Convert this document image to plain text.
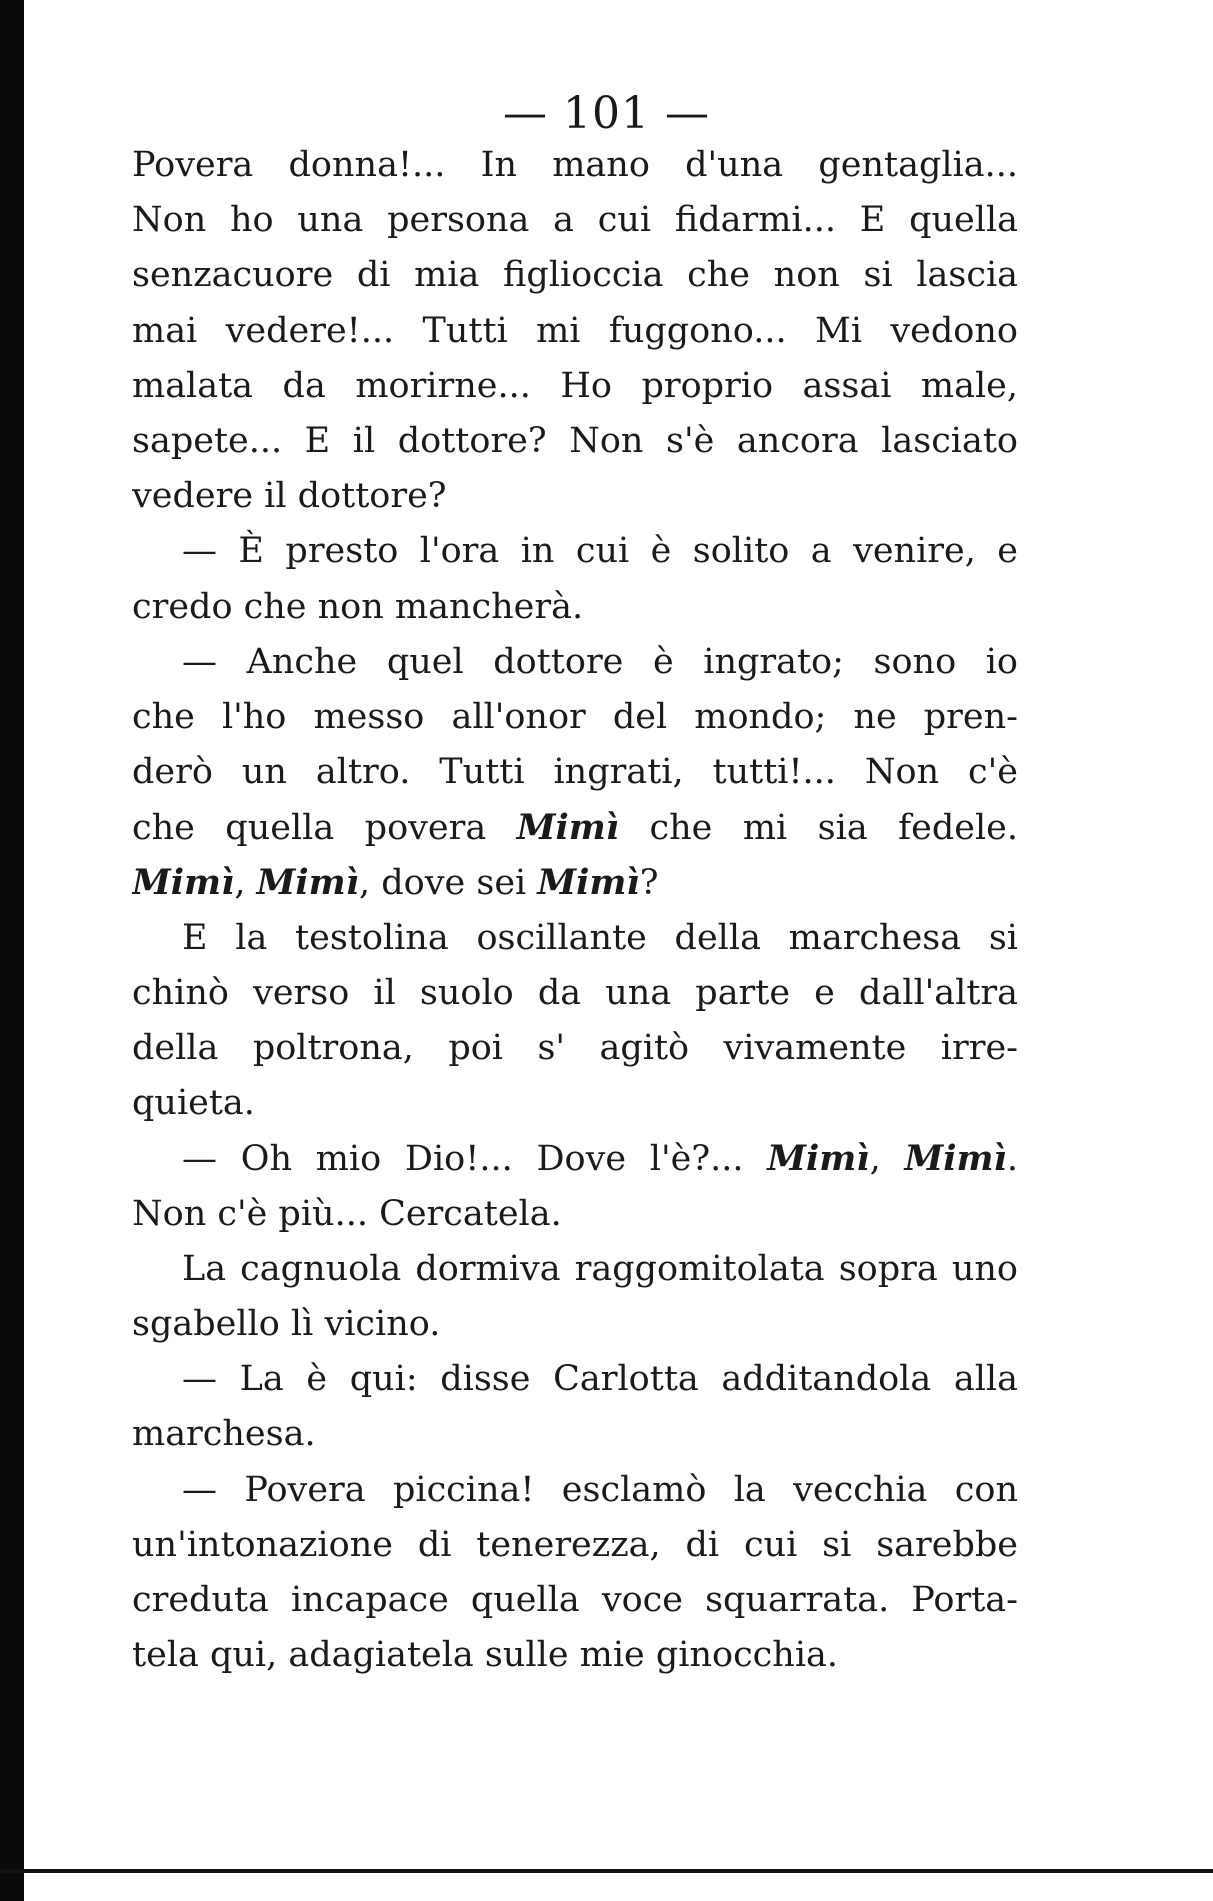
— 101 —
Povera donna!... In mano d'una gentaglia...
Non ho una persona a cui fidarmi... E quella
senzacuore di mia figlioccia che non si lascia
mai vedere!... Tutti mi fuggono... Mi vedono
malata da morirne... Ho proprio assai male,
sapete... E il dottore? Non s'è ancora lasciato
vedere il dottore?
— È presto l'ora in cui è solito a venire, e
credo che non mancherà.
— Anche quel dottore è ingrato; sono io
che l'ho messo all'onor del mondo; ne pren-
derò un altro. Tutti ingrati, tutti!... Non c'è
che quella povera Mimì che mi sia fedele.
Mimì, Mimì, dove sei Mimì?
E la testolina oscillante della marchesa si
chinò verso il suolo da una parte e dall'altra
della poltrona, poi s' agitò vivamente irre-
quieta.
— Oh mio Dio!... Dove l'è?... Mimì, Mimì.
Non c'è più... Cercatela.
La cagnuola dormiva raggomitolata sopra uno
sgabello lì vicino.
— La è qui: disse Carlotta additandola alla
marchesa.
— Povera piccina! esclamò la vecchia con
un'intonazione di tenerezza, di cui si sarebbe
creduta incapace quella voce squarrata. Porta-
tela qui, adagiatela sulle mie ginocchia.
